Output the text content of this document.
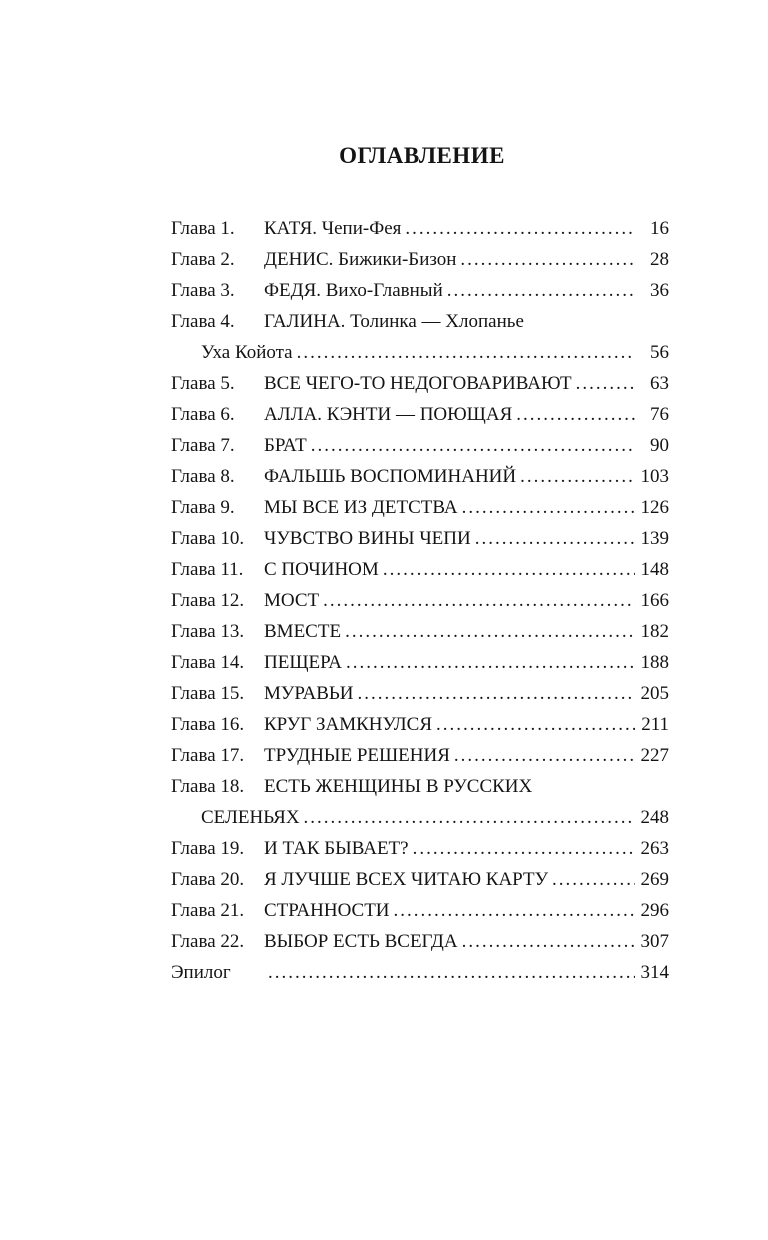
ОГЛАВЛЕНИЕ
Глава 1.	КАТЯ. Чепи-Фея .....	16
Глава 2.	ДЕНИС. Бижики-Бизон .....	28
Глава 3.	ФЕДЯ. Вихо-Главный .....	36
Глава 4.	ГАЛИНА. Толинка — Хлопанье
Уха Койота .....	56
Глава 5.	ВСЕ ЧЕГО-ТО НЕДОГОВАРИВАЮТ .....	63
Глава 6.	АЛЛА. КЭНТИ — ПОЮЩАЯ .....	76
Глава 7.	БРАТ .....	90
Глава 8.	ФАЛЬШЬ ВОСПОМИНАНИЙ .....	103
Глава 9.	МЫ ВСЕ ИЗ ДЕТСТВА .....	126
Глава 10.	ЧУВСТВО ВИНЫ ЧЕПИ .....	139
Глава 11.	С ПОЧИНОМ .....	148
Глава 12.	МОСТ .....	166
Глава 13.	ВМЕСТЕ .....	182
Глава 14.	ПЕЩЕРА .....	188
Глава 15.	МУРАВЬИ .....	205
Глава 16.	КРУГ ЗАМКНУЛСЯ .....	211
Глава 17.	ТРУДНЫЕ РЕШЕНИЯ .....	227
Глава 18.	ЕСТЬ ЖЕНЩИНЫ В РУССКИХ
СЕЛЕНЬЯХ .....	248
Глава 19.	И ТАК БЫВАЕТ? .....	263
Глава 20.	Я ЛУЧШЕ ВСЕХ ЧИТАЮ КАРТУ .....	269
Глава 21.	СТРАННОСТИ .....	296
Глава 22.	ВЫБОР ЕСТЬ ВСЕГДА .....	307
Эпилог .....	314
